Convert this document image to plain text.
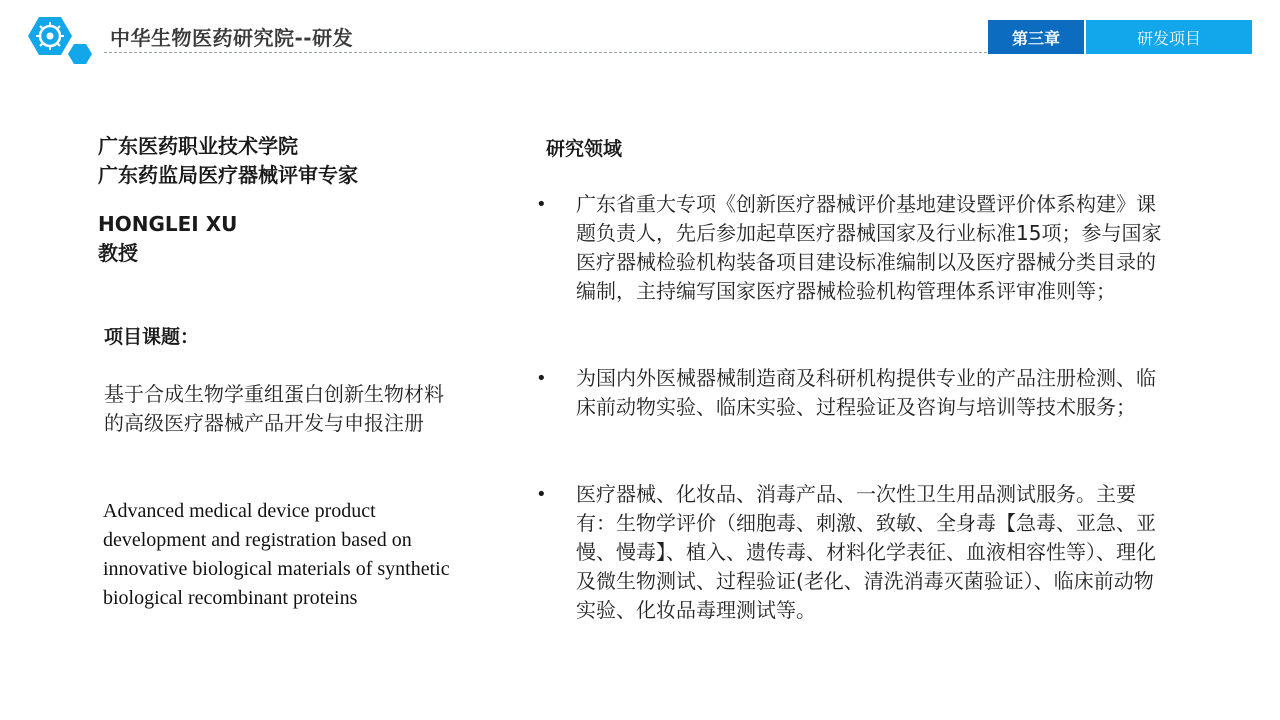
中华生物医药研究院--研发	第三章	研发项目
广东医药职业技术学院
广东药监局医疗器械评审专家
HONGLEI XU
教授
项目课题：
基于合成生物学重组蛋白创新生物材料的高级医疗器械产品开发与申报注册
Advanced medical device product development and registration based on innovative biological materials of synthetic biological recombinant proteins
研究领域
• 广东省重大专项《创新医疗器械评价基地建设暨评价体系构建》课题负责人，先后参加起草医疗器械国家及行业标准15项；参与国家医疗器械检验机构装备项目建设标准编制以及医疗器械分类目录的编制，主持编写国家医疗器械检验机构管理体系评审准则等；
• 为国内外医械器械制造商及科研机构提供专业的产品注册检测、临床前动物实验、临床实验、过程验证及咨询与培训等技术服务；
• 医疗器械、化妆品、消毒产品、一次性卫生用品测试服务。主要有：生物学评价（细胞毒、刺激、致敏、全身毒【急毒、亚急、亚慢、慢毒】、植入、遗传毒、材料化学表征、血液相容性等）、理化及微生物测试、过程验证(老化、清洗消毒灭菌验证）、临床前动物实验、化妆品毒理测试等。
